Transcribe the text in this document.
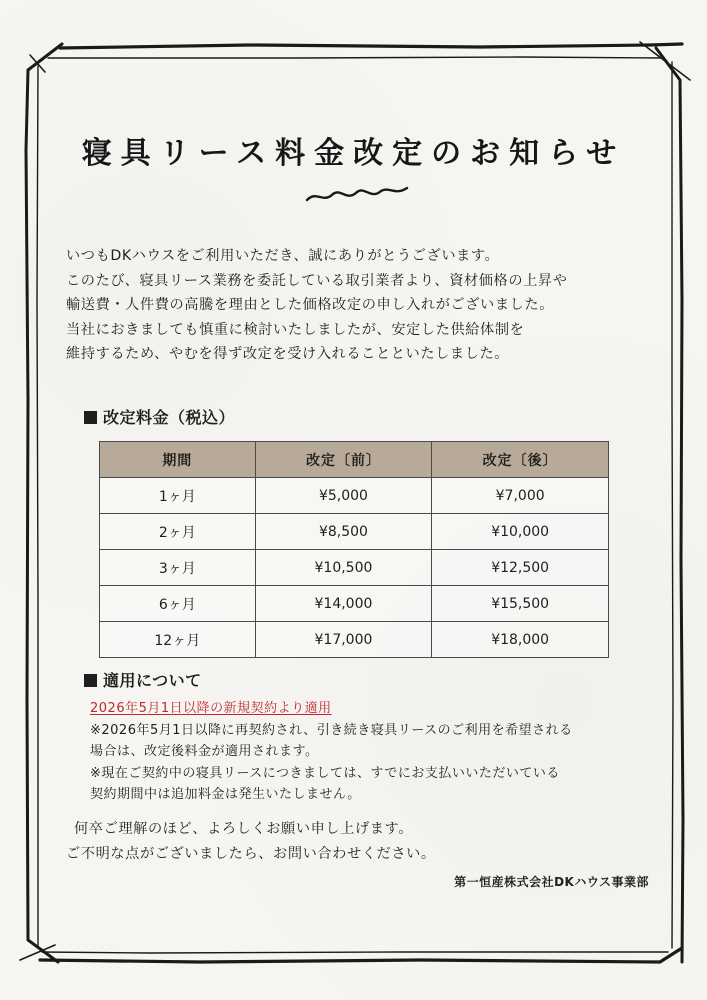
寝具リース料金改定のお知らせ

いつもDKハウスをご利用いただき、誠にありがとうございます。

このたび、寝具リース業務を委託している取引業者より、資材価格の上昇や

輸送費・人件費の高騰を理由とした価格改定の申し入れがございました。

当社におきましても慎重に検討いたしましたが、安定した供給体制を

維持するため、やむを得ず改定を受け入れることといたしました。

改定料金（税込）
期間	改定〔前〕	改定〔後〕
1ヶ月	¥5,000	¥7,000
2ヶ月	¥8,500	¥10,000
3ヶ月	¥10,500	¥12,500
6ヶ月	¥14,000	¥15,500
12ヶ月	¥17,000	¥18,000
適用について

2026年5月1日以降の新規契約より適用

※2026年5月1日以降に再契約され、引き続き寝具リースのご利用を希望される

場合は、改定後料金が適用されます。

※現在ご契約中の寝具リースにつきましては、すでにお支払いいただいている

契約期間中は追加料金は発生いたしません。

何卒ご理解のほど、よろしくお願い申し上げます。

ご不明な点がございましたら、お問い合わせください。

第一恒産株式会社DKハウス事業部
